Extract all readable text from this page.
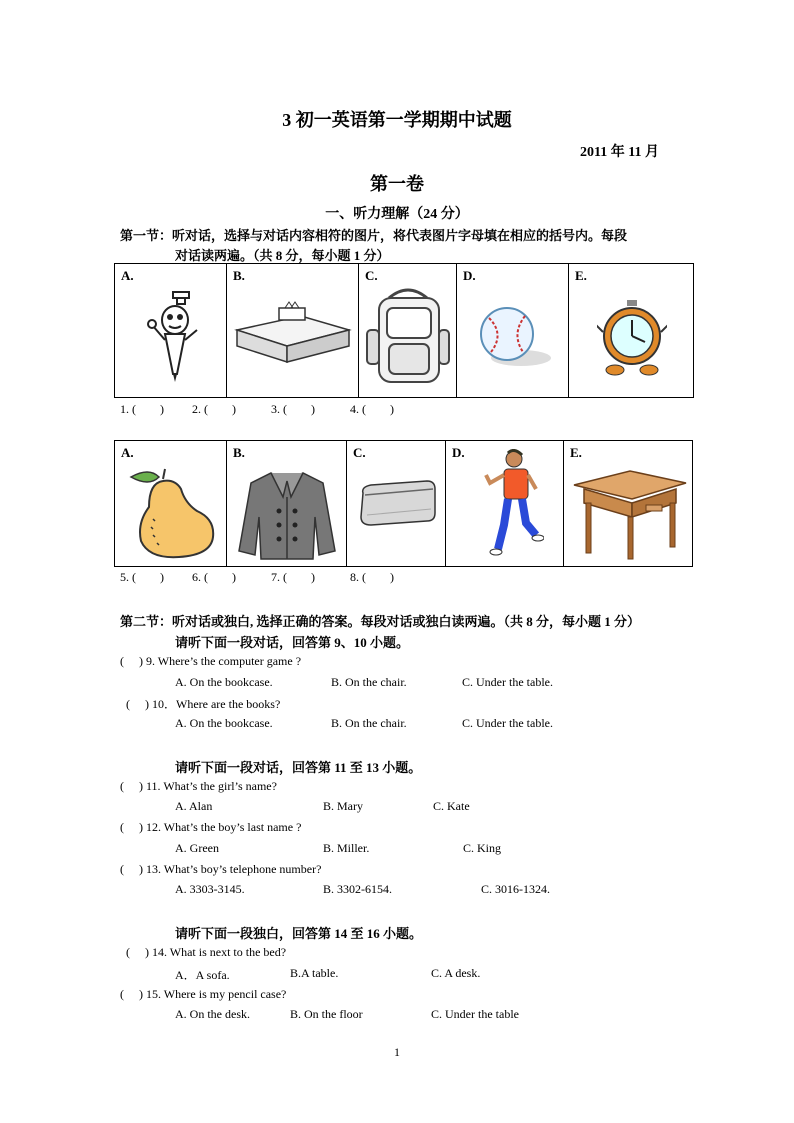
3 初一英语第一学期期中试题
2011 年 11 月
第一卷
一、听力理解（24 分）
第一节：听对话，选择与对话内容相符的图片，将代表图片字母填在相应的括号内。每段
对话读两遍。（共 8 分，每小题 1 分）
A.	B.	C.	D.	E.
1. (        ) 2. (        )	3. (        )	4. (        )
A.	B.	C.	D.	E.
5. (        ) 6. (        )	7. (        )	8. (        )
第二节：听对话或独白, 选择正确的答案。每段对话或独白读两遍。（共 8 分，每小题 1 分）
请听下面一段对话，回答第 9、10 小题。
(     ) 9. Where’s the computer game ?
A. On the bookcase.	B. On the chair.	C. Under the table.
(     ) 10．Where are the books?
A. On the bookcase.	B. On the chair.	C. Under the table.
请听下面一段对话，回答第 11 至 13 小题。
(     ) 11. What’s the girl’s name?
A. Alan	B. Mary	C. Kate
(     ) 12. What’s the boy’s last name ?
A. Green	B. Miller.	C. King
(     ) 13. What’s boy’s telephone number?
A. 3303-3145.	B. 3302-6154.	C. 3016-1324.
请听下面一段独白，回答第 14 至 16 小题。
(     ) 14. What is next to the bed?
A．A sofa.	B.A table.	C. A desk.
(     ) 15. Where is my pencil case?
A. On the desk.	B. On the floor	C. Under the table
1
